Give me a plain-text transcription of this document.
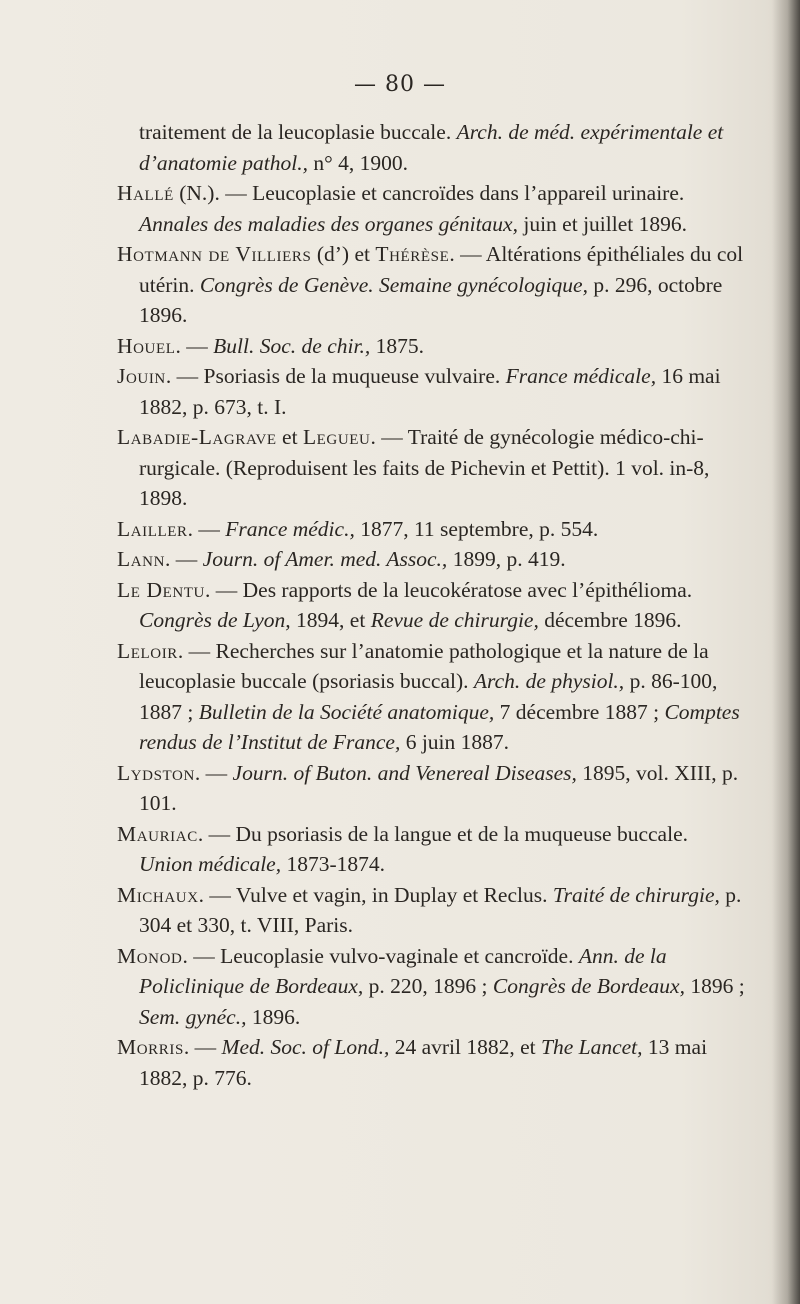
— 80 —

traitement de la leucoplasie buccale. Arch. de méd. expérimentale et d’anatomie pathol., n° 4, 1900.

Hallé (N.). — Leucoplasie et cancroïdes dans l’appareil urinaire. Annales des maladies des organes génitaux, juin et juillet 1896.

Hotmann de Villiers (d’) et Thérèse. — Altérations épithéliales du col utérin. Congrès de Genève. Semaine gynécologique, p. 296, octobre 1896.

Houel. — Bull. Soc. de chir., 1875.

Jouin. — Psoriasis de la muqueuse vulvaire. France médicale, 16 mai 1882, p. 673, t. I.

Labadie-Lagrave et Legueu. — Traité de gynécologie médico-chirurgicale. (Reproduisent les faits de Pichevin et Pettit). 1 vol. in-8, 1898.

Lailler. — France médic., 1877, 11 septembre, p. 554.

Lann. — Journ. of Amer. med. Assoc., 1899, p. 419.

Le Dentu. — Des rapports de la leucokératose avec l’épithélioma. Congrès de Lyon, 1894, et Revue de chirurgie, décembre 1896.

Leloir. — Recherches sur l’anatomie pathologique et la nature de la leucoplasie buccale (psoriasis buccal). Arch. de physiol., p. 86-100, 1887 ; Bulletin de la Société anatomique, 7 décembre 1887 ; Comptes rendus de l’Institut de France, 6 juin 1887.

Lydston. — Journ. of Buton. and Venereal Diseases, 1895, vol. XIII, p. 101.

Mauriac. — Du psoriasis de la langue et de la muqueuse buccale. Union médicale, 1873-1874.

Michaux. — Vulve et vagin, in Duplay et Reclus. Traité de chirurgie, p. 304 et 330, t. VIII, Paris.

Monod. — Leucoplasie vulvo-vaginale et cancroïde. Ann. de la Policlinique de Bordeaux, p. 220, 1896 ; Congrès de Bordeaux, 1896 ; Sem. gynéc., 1896.

Morris. — Med. Soc. of Lond., 24 avril 1882, et The Lancet, 13 mai 1882, p. 776.
